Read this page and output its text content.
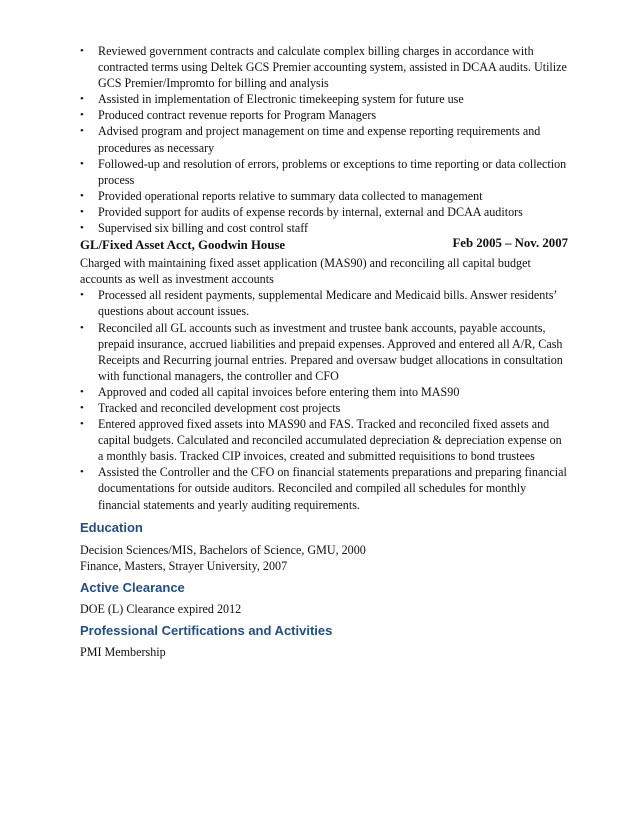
•	Reviewed government contracts and calculate complex billing charges in accordance with contracted terms using Deltek GCS Premier accounting system, assisted in DCAA audits. Utilize GCS Premier/Impromto for billing and analysis
•	Assisted in implementation of Electronic timekeeping system for future use
•	Produced contract revenue reports for Program Managers
•	Advised program and project management on time and expense reporting requirements and procedures as necessary
•	Followed-up and resolution of errors, problems or exceptions to time reporting or data collection process
•	Provided operational reports relative to summary data collected to management
•	Provided support for audits of expense records by internal, external and DCAA auditors
•	Supervised six billing and cost control staff
GL/Fixed Asset Acct, Goodwin House	Feb 2005 – Nov. 2007
Charged with maintaining fixed asset application (MAS90) and reconciling all capital budget accounts as well as investment accounts
•	Processed all resident payments, supplemental Medicare and Medicaid bills. Answer residents’ questions about account issues.
•	Reconciled all GL accounts such as investment and trustee bank accounts, payable accounts, prepaid insurance, accrued liabilities and prepaid expenses. Approved and entered all A/R, Cash Receipts and Recurring journal entries. Prepared and oversaw budget allocations in consultation with functional managers, the controller and CFO
•	Approved and coded all capital invoices before entering them into MAS90
•	Tracked and reconciled development cost projects
•	Entered approved fixed assets into MAS90 and FAS. Tracked and reconciled fixed assets and capital budgets. Calculated and reconciled accumulated depreciation & depreciation expense on a monthly basis. Tracked CIP invoices, created and submitted requisitions to bond trustees
•	Assisted the Controller and the CFO on financial statements preparations and preparing financial documentations for outside auditors. Reconciled and compiled all schedules for monthly financial statements and yearly auditing requirements.
Education
Decision Sciences/MIS, Bachelors of Science, GMU, 2000
Finance, Masters, Strayer University, 2007
Active Clearance
DOE (L) Clearance expired 2012
Professional Certifications and Activities
PMI Membership
